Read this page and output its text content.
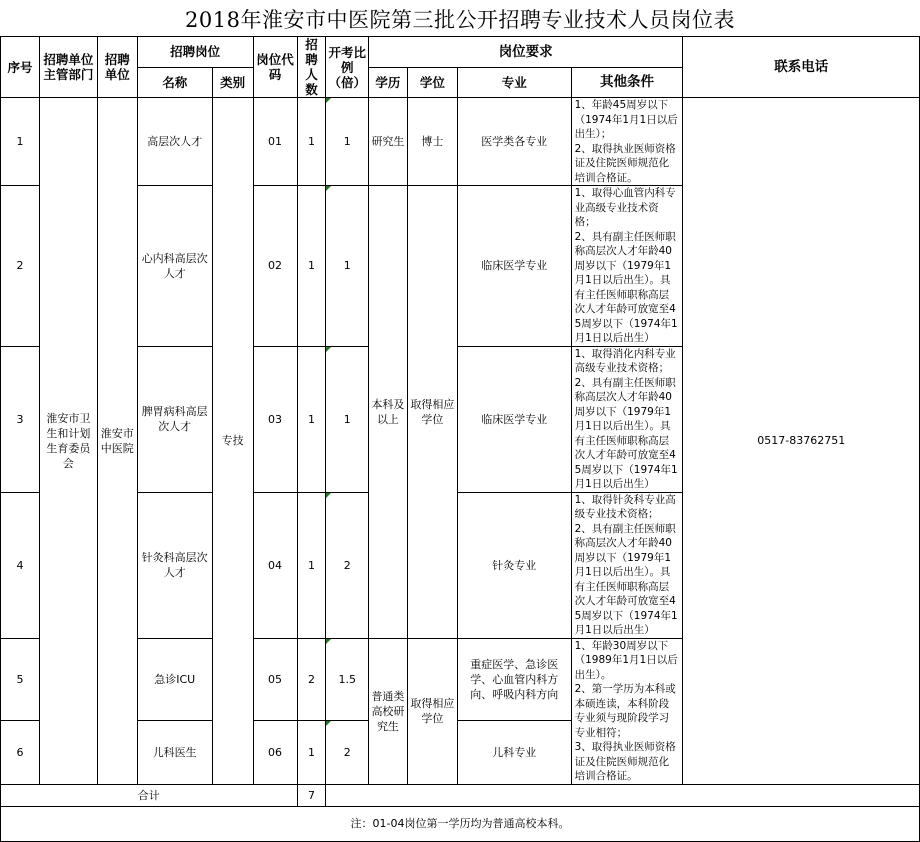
2018年淮安市中医院第三批公开招聘专业技术人员岗位表
序号	招聘单位主管部门	招聘单位	招聘岗位		岗位代码	招聘人数	开考比例（倍）	岗位要求				联系电话
			名称	类别				学历	学位	专业	其他条件	
1	淮安市卫生和计划生育委员会	淮安市中医院	高层次人才	专技	01	1	1	研究生	博士	医学类各专业	1、年龄45周岁以下（1974年1月1日以后出生）；
2、取得执业医师资格证及住院医师规范化培训合格证。	0517-83762751
2			心内科高层次人才		02	1	1	本科及以上	取得相应学位	临床医学专业	1、取得心血管内科专业高级专业技术资格；
2、具有副主任医师职称高层次人才年龄40周岁以下（1979年1月1日以后出生）。具有主任医师职称高层次人才年龄可放宽至45周岁以下（1974年1月1日以后出生）	
3			脾胃病科高层次人才		03	1	1			临床医学专业	1、取得消化内科专业高级专业技术资格；
2、具有副主任医师职称高层次人才年龄40周岁以下（1979年1月1日以后出生）。具有主任医师职称高层次人才年龄可放宽至45周岁以下（1974年1月1日以后出生）	
4			针灸科高层次人才		04	1	2			针灸专业	1、取得针灸科专业高级专业技术资格；
2、具有副主任医师职称高层次人才年龄40周岁以下（1979年1月1日以后出生）。具有主任医师职称高层次人才年龄可放宽至45周岁以下（1974年1月1日以后出生）	
5			急诊ICU		05	2	1.5	普通类高校研究生	取得相应学位	重症医学、急诊医学、心血管内科方向、呼吸内科方向	1、年龄30周岁以下（1989年1月1日以后出生）。
2、第一学历为本科或本硕连读，本科阶段专业须与现阶段学习专业相符；
3、取得执业医师资格证及住院医师规范化培训合格证。	
6			儿科医生		06	1	2			儿科专业		
合计						7						
注：01-04岗位第一学历均为普通高校本科。												
